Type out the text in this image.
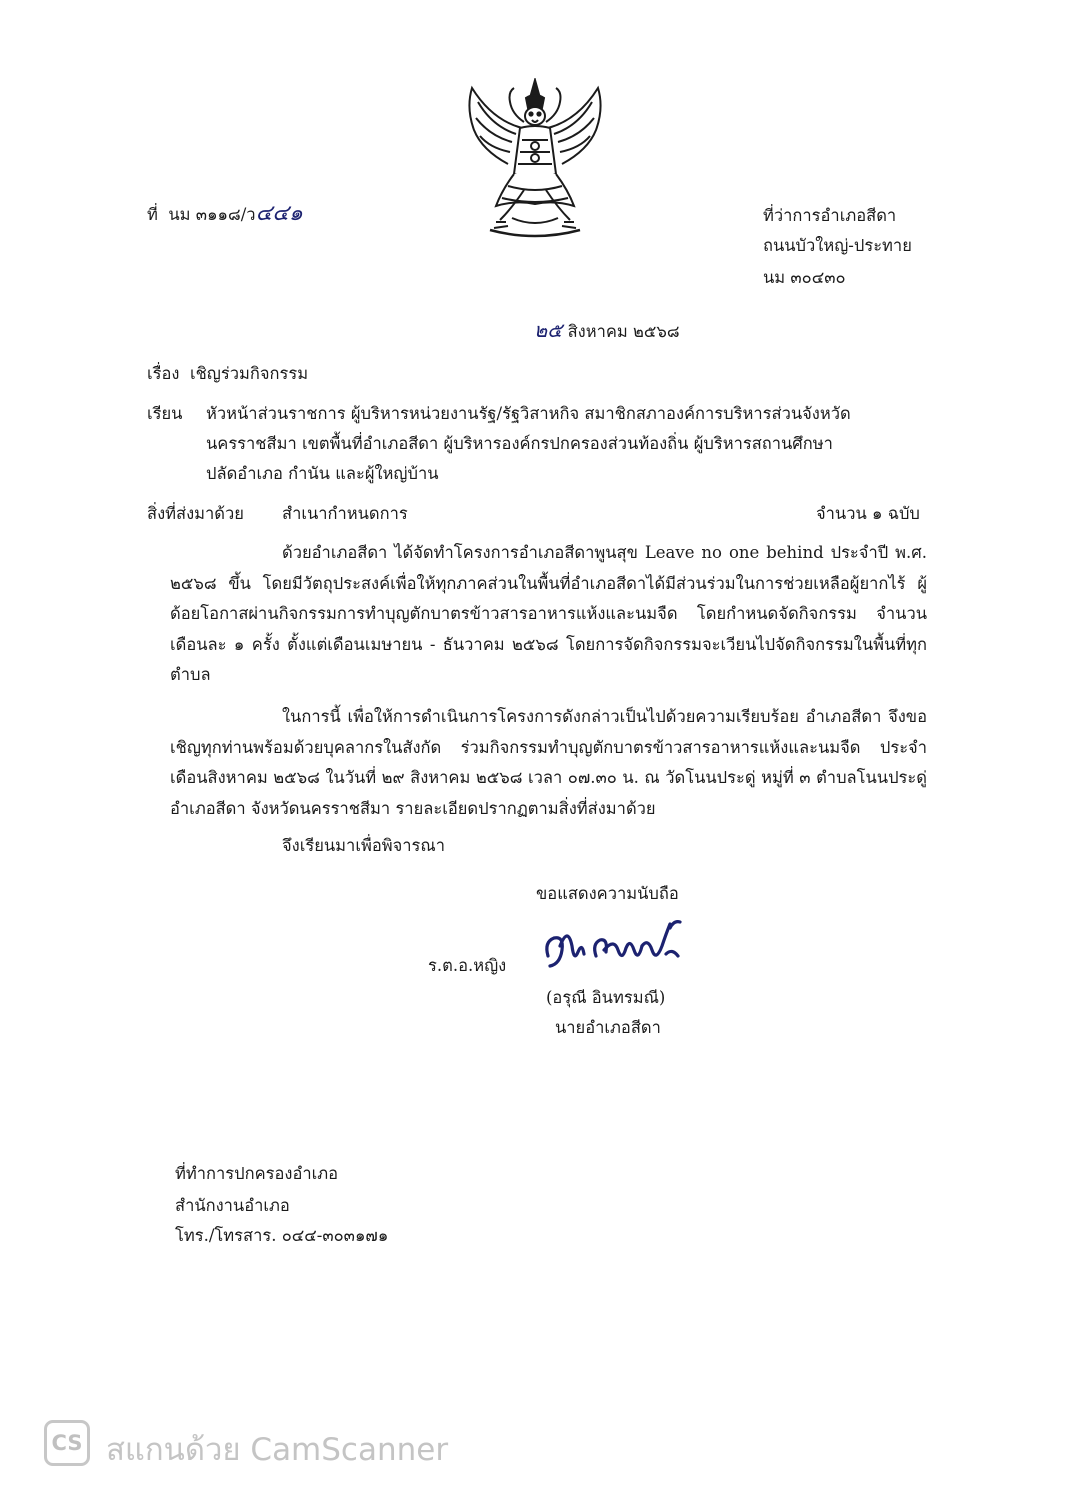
ที่ นม ๓๑๑๘/ว๔๔๑	ที่ว่าการอำเภอสีดา
ถนนบัวใหญ่-ประทาย
นม ๓๐๔๓๐
๒๕ สิงหาคม ๒๕๖๘
เรื่อง เชิญร่วมกิจกรรม
เรียน หัวหน้าส่วนราชการ ผู้บริหารหน่วยงานรัฐ/รัฐวิสาหกิจ สมาชิกสภาองค์การบริหารส่วนจังหวัด
นครราชสีมา เขตพื้นที่อำเภอสีดา ผู้บริหารองค์กรปกครองส่วนท้องถิ่น ผู้บริหารสถานศึกษา
ปลัดอำเภอ กำนัน และผู้ใหญ่บ้าน
สิ่งที่ส่งมาด้วย สำเนากำหนดการ	จำนวน ๑ ฉบับ
ด้วยอำเภอสีดา ได้จัดทำโครงการอำเภอสีดาพูนสุข Leave no one behind ประจำปี พ.ศ. ๒๕๖๘ ขึ้น โดยมีวัตถุประสงค์เพื่อให้ทุกภาคส่วนในพื้นที่อำเภอสีดาได้มีส่วนร่วมในการช่วยเหลือผู้ยากไร้ ผู้ด้อยโอกาสผ่านกิจกรรมการทำบุญตักบาตรข้าวสารอาหารแห้งและนมจืด โดยกำหนดจัดกิจกรรม จำนวน เดือนละ ๑ ครั้ง ตั้งแต่เดือนเมษายน - ธันวาคม ๒๕๖๘ โดยการจัดกิจกรรมจะเวียนไปจัดกิจกรรมในพื้นที่ทุกตำบล
ในการนี้ เพื่อให้การดำเนินการโครงการดังกล่าวเป็นไปด้วยความเรียบร้อย อำเภอสีดา จึงขอเชิญทุกท่านพร้อมด้วยบุคลากรในสังกัด ร่วมกิจกรรมทำบุญตักบาตรข้าวสารอาหารแห้งและนมจืด ประจำเดือนสิงหาคม ๒๕๖๘ ในวันที่ ๒๙ สิงหาคม ๒๕๖๘ เวลา ๐๗.๓๐ น. ณ วัดโนนประดู่ หมู่ที่ ๓ ตำบลโนนประดู่ อำเภอสีดา จังหวัดนครราชสีมา รายละเอียดปรากฏตามสิ่งที่ส่งมาด้วย
จึงเรียนมาเพื่อพิจารณา
ขอแสดงความนับถือ
ร.ต.อ.หญิง
(อรุณี อินทรมณี)
นายอำเภอสีดา
ที่ทำการปกครองอำเภอ
สำนักงานอำเภอ
โทร./โทรสาร. ๐๔๔-๓๐๓๑๗๑
CS สแกนด้วย CamScanner
